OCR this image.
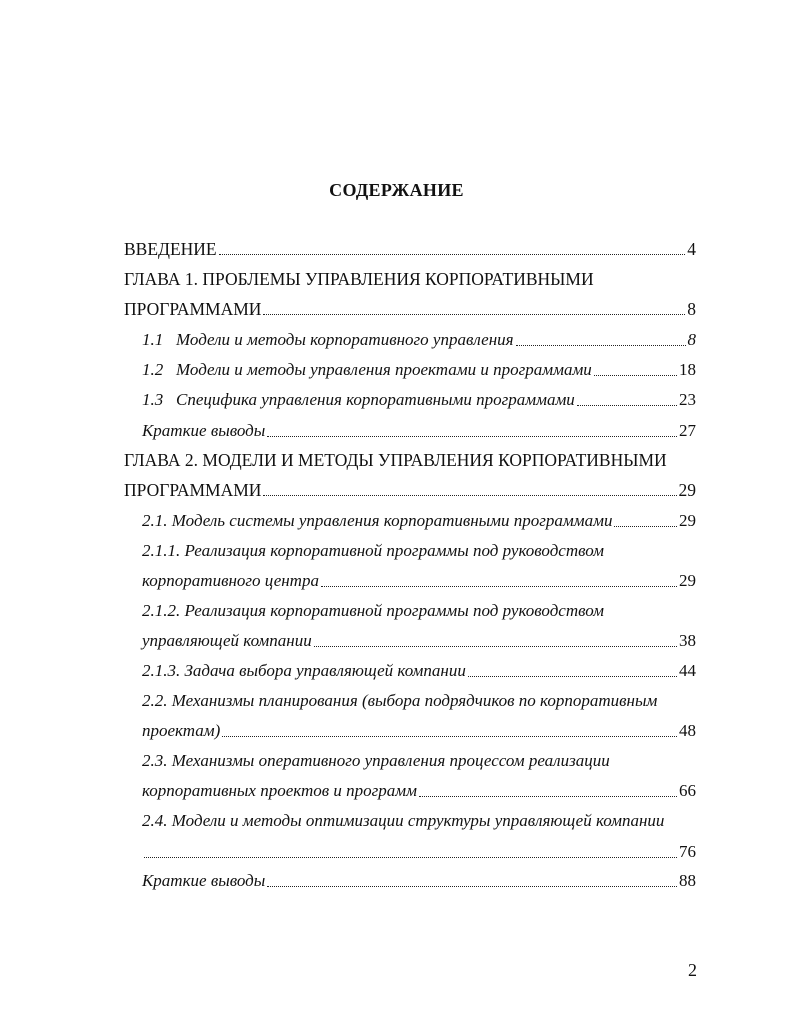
СОДЕРЖАНИЕ
ВВЕДЕНИЕ	4
ГЛАВА 1. ПРОБЛЕМЫ УПРАВЛЕНИЯ КОРПОРАТИВНЫМИ
ПРОГРАММАМИ	8
1.1   Модели и методы корпоративного управления	8
1.2   Модели и методы управления проектами и программами	18
1.3   Специфика управления корпоративными программами	23
Краткие выводы	27
ГЛАВА 2. МОДЕЛИ И МЕТОДЫ УПРАВЛЕНИЯ КОРПОРАТИВНЫМИ
ПРОГРАММАМИ	29
2.1. Модель системы управления корпоративными программами	29
2.1.1. Реализация корпоративной программы под руководством
корпоративного центра	29
2.1.2. Реализация корпоративной программы под руководством
управляющей компании	38
2.1.3. Задача выбора управляющей компании	44
2.2. Механизмы планирования (выбора подрядчиков по корпоративным
проектам)	48
2.3. Механизмы оперативного управления процессом реализации
корпоративных проектов и программ	66
2.4. Модели и методы оптимизации структуры управляющей компании
76
Краткие выводы	88
2
